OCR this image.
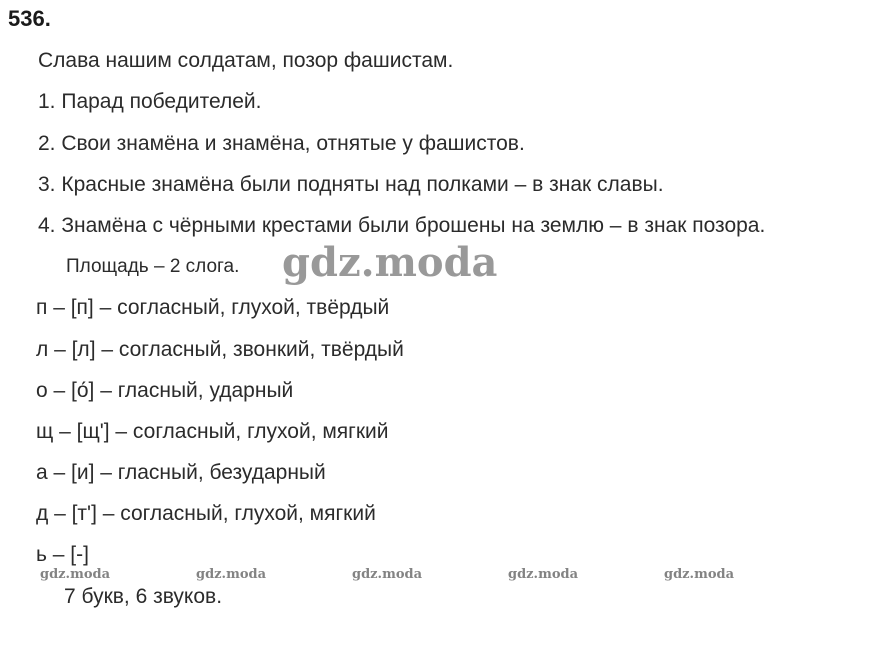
536.
Слава нашим солдатам, позор фашистам.
1. Парад победителей.
2. Свои знамёна и знамёна, отнятые у фашистов.
3. Красные знамёна были подняты над полками – в знак славы.
4. Знамёна с чёрными крестами были брошены на землю – в знак позора.
Площадь – 2 слога.
п – [п] – согласный, глухой, твёрдый
л – [л] – согласный, звонкий, твёрдый
о – [о́] – гласный, ударный
щ – [щ'] – согласный, глухой, мягкий
а – [и] – гласный, безударный
д – [т'] – согласный, глухой, мягкий
ь – [-]
7 букв, 6 звуков.
gdz.moda
gdz.moda	gdz.moda	gdz.moda	gdz.moda	gdz.moda
